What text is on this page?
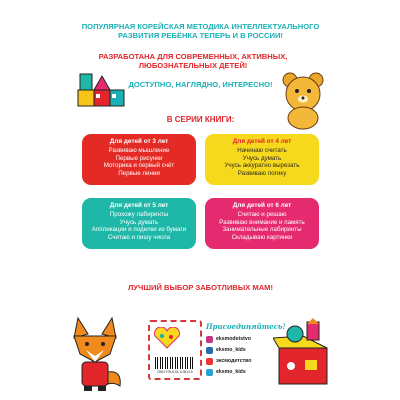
ПОПУЛЯРНАЯ КОРЕЙСКАЯ МЕТОДИКА ИНТЕЛЛЕКТУАЛЬНОГО РАЗВИТИЯ РЕБЁНКА ТЕПЕРЬ И В РОССИИ!
РАЗРАБОТАНА ДЛЯ СОВРЕМЕННЫХ, АКТИВНЫХ, ЛЮБОЗНАТЕЛЬНЫХ ДЕТЕЙ!
ДОСТУПНО, НАГЛЯДНО, ИНТЕРЕСНО!
В СЕРИИ КНИГИ:
Для детей от 3 лет
Развиваю мышление
Первые рисунки
Моторика и первый счёт
Первые линии
Для детей от 4 лет
Начинаю считать
Учусь думать
Учусь аккуратно вырезать
Развиваю логику
Для детей от 5 лет
Прохожу лабиринты
Учусь думать
Аппликации и поделки из бумаги
Считаю и пишу числа
Для детей от 6 лет
Считаю и решаю
Развиваю внимание и память
Занимательные лабиринты
Складываю картинки
ЛУЧШИЙ ВЫБОР ЗАБОТЛИВЫХ МАМ!
ISBN 978-5-04-113813-6
Присоединяйтесь!
eksmodetstvo
eksmo_kids
эксмодетство
eksmo_kids
